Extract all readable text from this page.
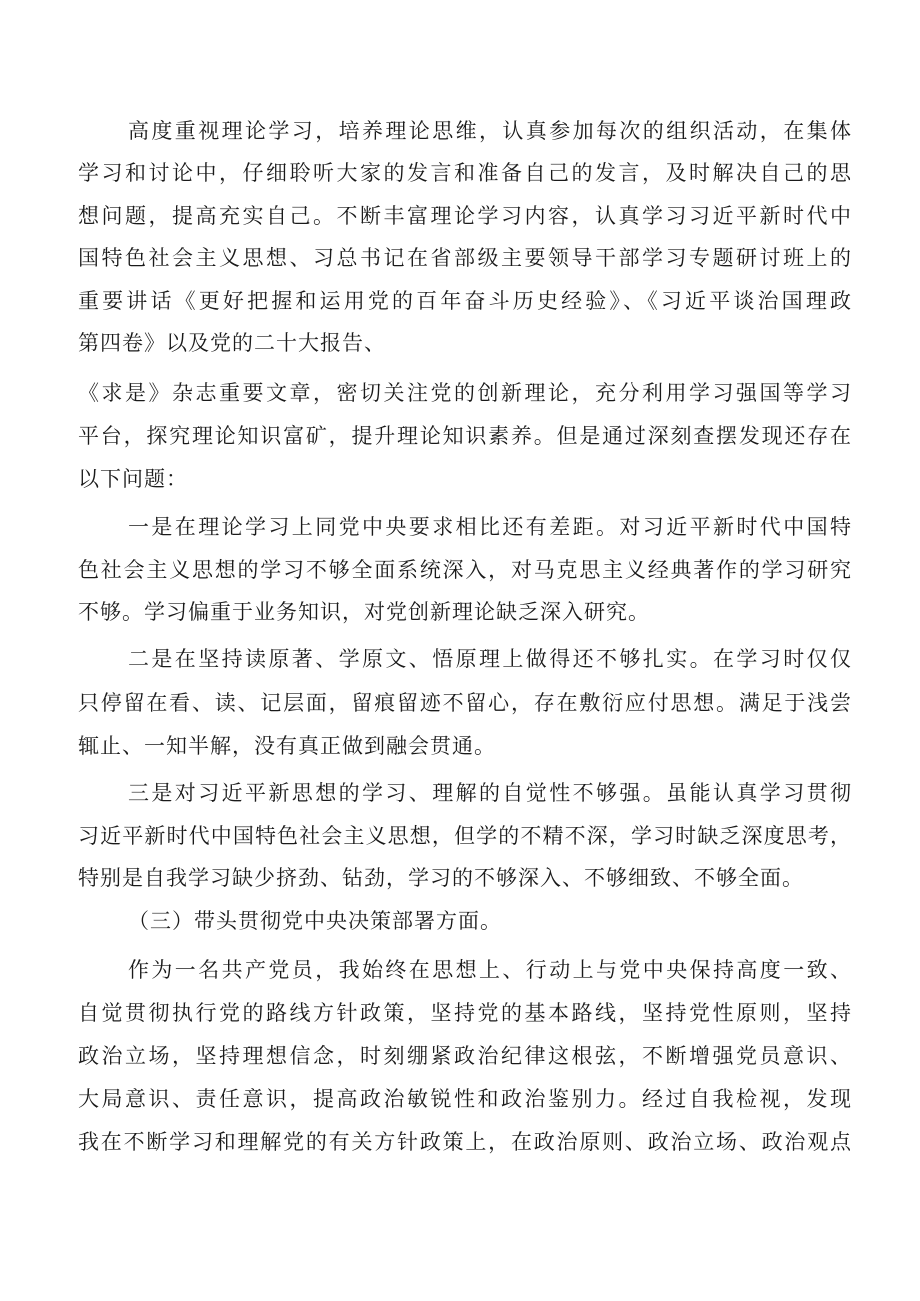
高度重视理论学习，培养理论思维，认真参加每次的组织活动，在集体
学习和讨论中，仔细聆听大家的发言和准备自己的发言，及时解决自己的思
想问题，提高充实自己。不断丰富理论学习内容，认真学习习近平新时代中
国特色社会主义思想、习总书记在省部级主要领导干部学习专题研讨班上的
重要讲话《更好把握和运用党的百年奋斗历史经验》、《习近平谈治国理政
第四卷》以及党的二十大报告、
《求是》杂志重要文章，密切关注党的创新理论，充分利用学习强国等学习
平台，探究理论知识富矿，提升理论知识素养。但是通过深刻查摆发现还存在
以下问题：
一是在理论学习上同党中央要求相比还有差距。对习近平新时代中国特
色社会主义思想的学习不够全面系统深入，对马克思主义经典著作的学习研究
不够。学习偏重于业务知识，对党创新理论缺乏深入研究。
二是在坚持读原著、学原文、悟原理上做得还不够扎实。在学习时仅仅
只停留在看、读、记层面，留痕留迹不留心，存在敷衍应付思想。满足于浅尝
辄止、一知半解，没有真正做到融会贯通。
三是对习近平新思想的学习、理解的自觉性不够强。虽能认真学习贯彻
习近平新时代中国特色社会主义思想，但学的不精不深，学习时缺乏深度思考，
特别是自我学习缺少挤劲、钻劲，学习的不够深入、不够细致、不够全面。
（三）带头贯彻党中央决策部署方面。
作为一名共产党员，我始终在思想上、行动上与党中央保持高度一致、
自觉贯彻执行党的路线方针政策，坚持党的基本路线，坚持党性原则，坚持
政治立场，坚持理想信念，时刻绷紧政治纪律这根弦，不断增强党员意识、
大局意识、责任意识，提高政治敏锐性和政治鉴别力。经过自我检视，发现
我在不断学习和理解党的有关方针政策上，在政治原则、政治立场、政治观点
